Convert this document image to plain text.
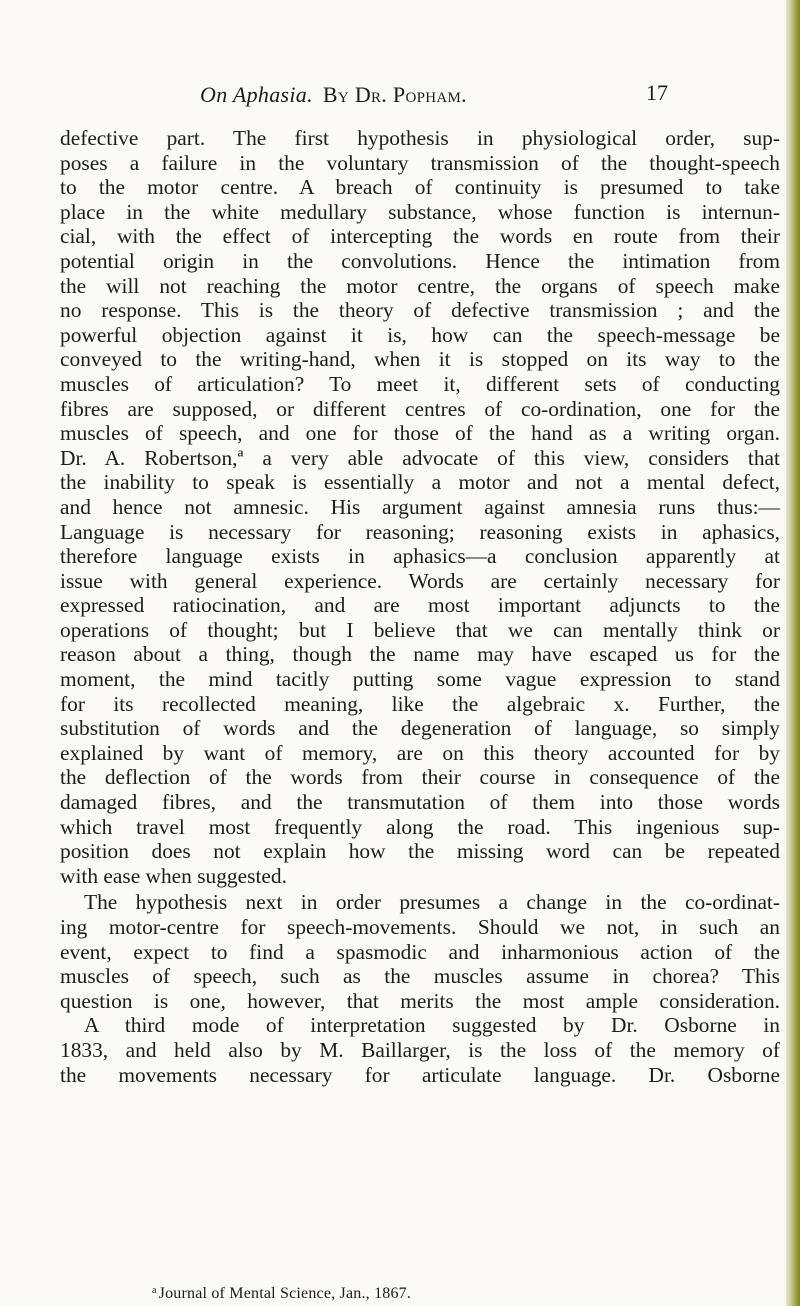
On Aphasia. By Dr. Popham.	17
defective part. The first hypothesis in physiological order, sup-
poses a failure in the voluntary transmission of the thought-speech
to the motor centre. A breach of continuity is presumed to take
place in the white medullary substance, whose function is internun-
cial, with the effect of intercepting the words en route from their
potential origin in the convolutions. Hence the intimation from
the will not reaching the motor centre, the organs of speech make
no response. This is the theory of defective transmission ; and the
powerful objection against it is, how can the speech-message be
conveyed to the writing-hand, when it is stopped on its way to the
muscles of articulation? To meet it, different sets of conducting
fibres are supposed, or different centres of co-ordination, one for the
muscles of speech, and one for those of the hand as a writing organ.
Dr. A. Robertson,ª a very able advocate of this view, considers that
the inability to speak is essentially a motor and not a mental defect,
and hence not amnesic. His argument against amnesia runs thus:—
Language is necessary for reasoning; reasoning exists in aphasics,
therefore language exists in aphasics—a conclusion apparently at
issue with general experience. Words are certainly necessary for
expressed ratiocination, and are most important adjuncts to the
operations of thought; but I believe that we can mentally think or
reason about a thing, though the name may have escaped us for the
moment, the mind tacitly putting some vague expression to stand
for its recollected meaning, like the algebraic x. Further, the
substitution of words and the degeneration of language, so simply
explained by want of memory, are on this theory accounted for by
the deflection of the words from their course in consequence of the
damaged fibres, and the transmutation of them into those words
which travel most frequently along the road. This ingenious sup-
position does not explain how the missing word can be repeated
with ease when suggested.
The hypothesis next in order presumes a change in the co-ordinat-
ing motor-centre for speech-movements. Should we not, in such an
event, expect to find a spasmodic and inharmonious action of the
muscles of speech, such as the muscles assume in chorea? This
question is one, however, that merits the most ample consideration.
A third mode of interpretation suggested by Dr. Osborne in
1833, and held also by M. Baillarger, is the loss of the memory of
the movements necessary for articulate language. Dr. Osborne
$^a$ Journal of Mental Science, Jan., 1867.
